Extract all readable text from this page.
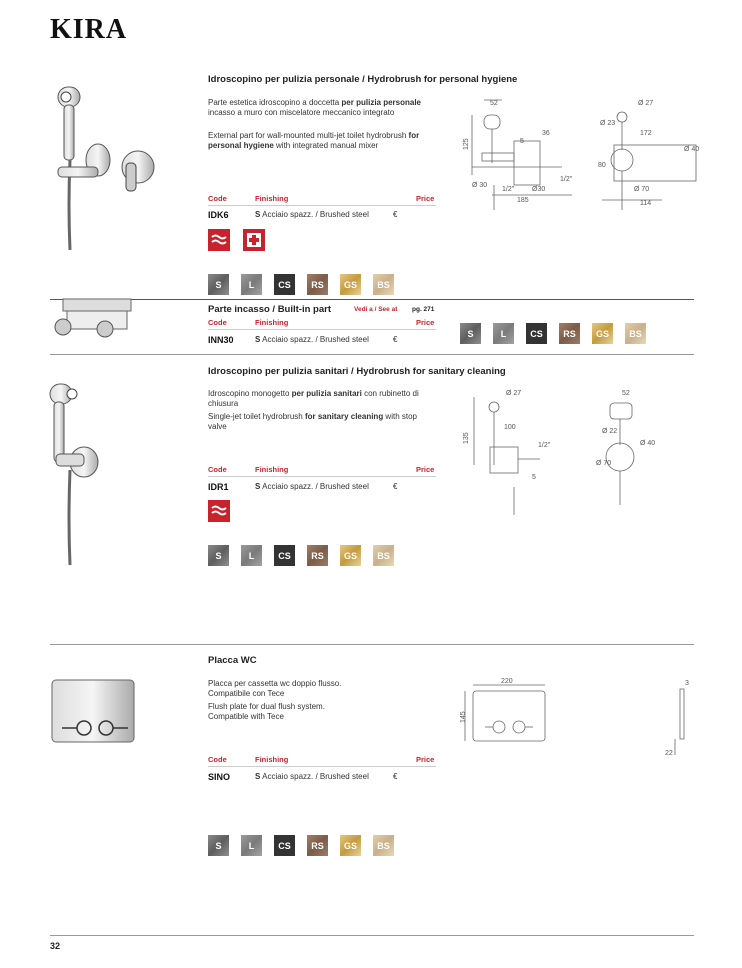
KIRA
Idroscopino per pulizia personale / Hydrobrush for personal hygiene
Parte estetica idroscopino a doccetta per pulizia personale incasso a muro con miscelatore meccanico integrato
External part for wall-mounted multi-jet toilet hydrobrush for personal hygiene with integrated manual mixer
Code	Finishing	Price
IDK6	S Acciaio spazz. / Brushed steel	€
S	L	CS	RS	GS	BS
52
36
5
125
Ø 30
1/2"	Ø30
1/2"
185
Ø 27
Ø 23
172
80
Ø 40
Ø 70
114
Parte incasso / Built-in part	Vedi a / See at pg. 271
Code	Finishing	Price
INN30	S Acciaio spazz. / Brushed steel	€
S	L	CS	RS	GS	BS
Idroscopino per pulizia sanitari / Hydrobrush for sanitary cleaning
Idroscopino monogetto per pulizia sanitari con rubinetto di chiusura
Single-jet toilet hydrobrush for sanitary cleaning with stop valve
Code	Finishing	Price
IDR1	S Acciaio spazz. / Brushed steel	€
S	L	CS	RS	GS	BS
Ø 27
100
135
1/2"
5
52
Ø 22
Ø 40
Ø 70
Placca WC
Placca per cassetta wc doppio flusso.
Compatibile con Tece
Flush plate for dual flush system.
Compatible with Tece
Code	Finishing	Price
SINO	S Acciaio spazz. / Brushed steel	€
S	L	CS	RS	GS	BS
220
145
3
22
32
